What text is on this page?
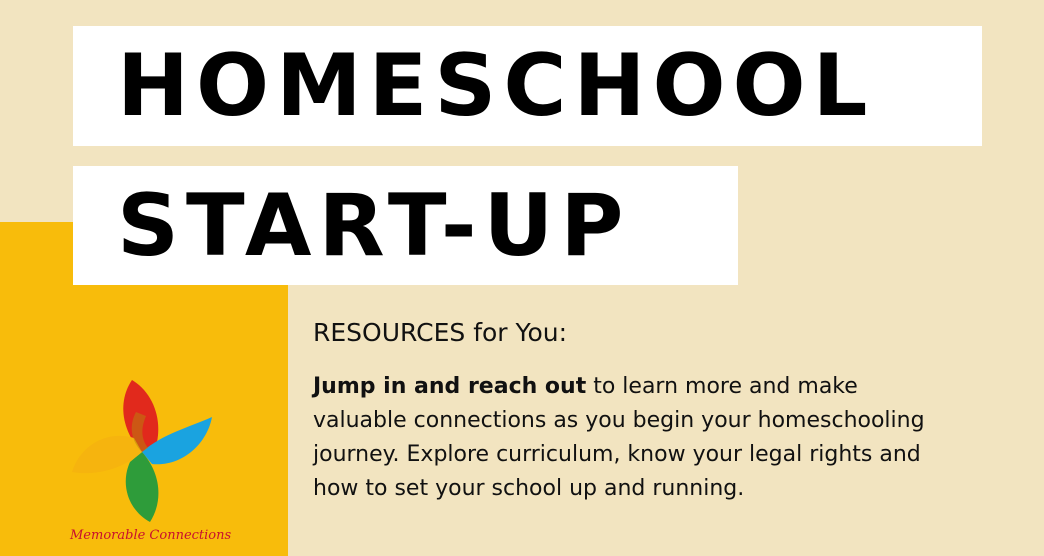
HOMESCHOOL
START-UP
RESOURCES for You:
Jump in and reach out to learn more and make valuable connections as you begin your homeschooling journey. Explore curriculum, know your legal rights and how to set your school up and running.
Memorable Connections
